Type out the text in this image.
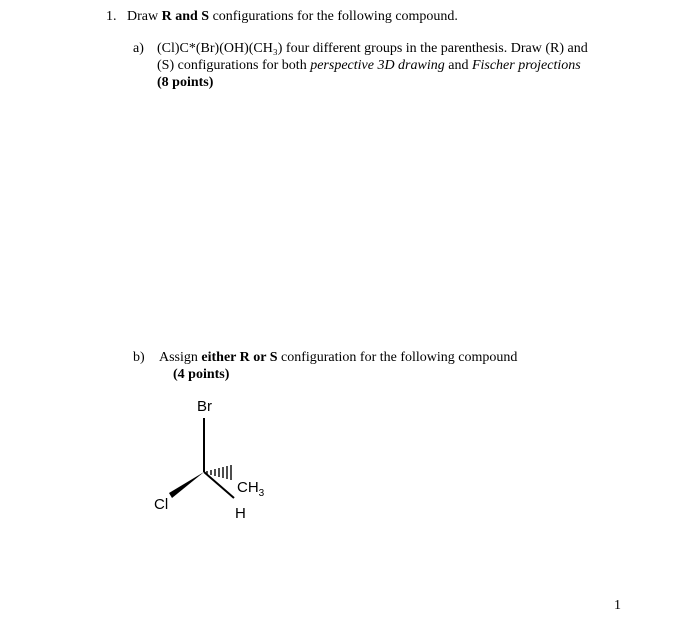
1. Draw R and S configurations for the following compound.
a) (Cl)C*(Br)(OH)(CH₃) four different groups in the parenthesis. Draw (R) and
(S) configurations for both perspective 3D drawing and Fischer projections
(8 points)
b) Assign either R or S configuration for the following compound
(4 points)
Br
Cl
$CH_3$
H
1
